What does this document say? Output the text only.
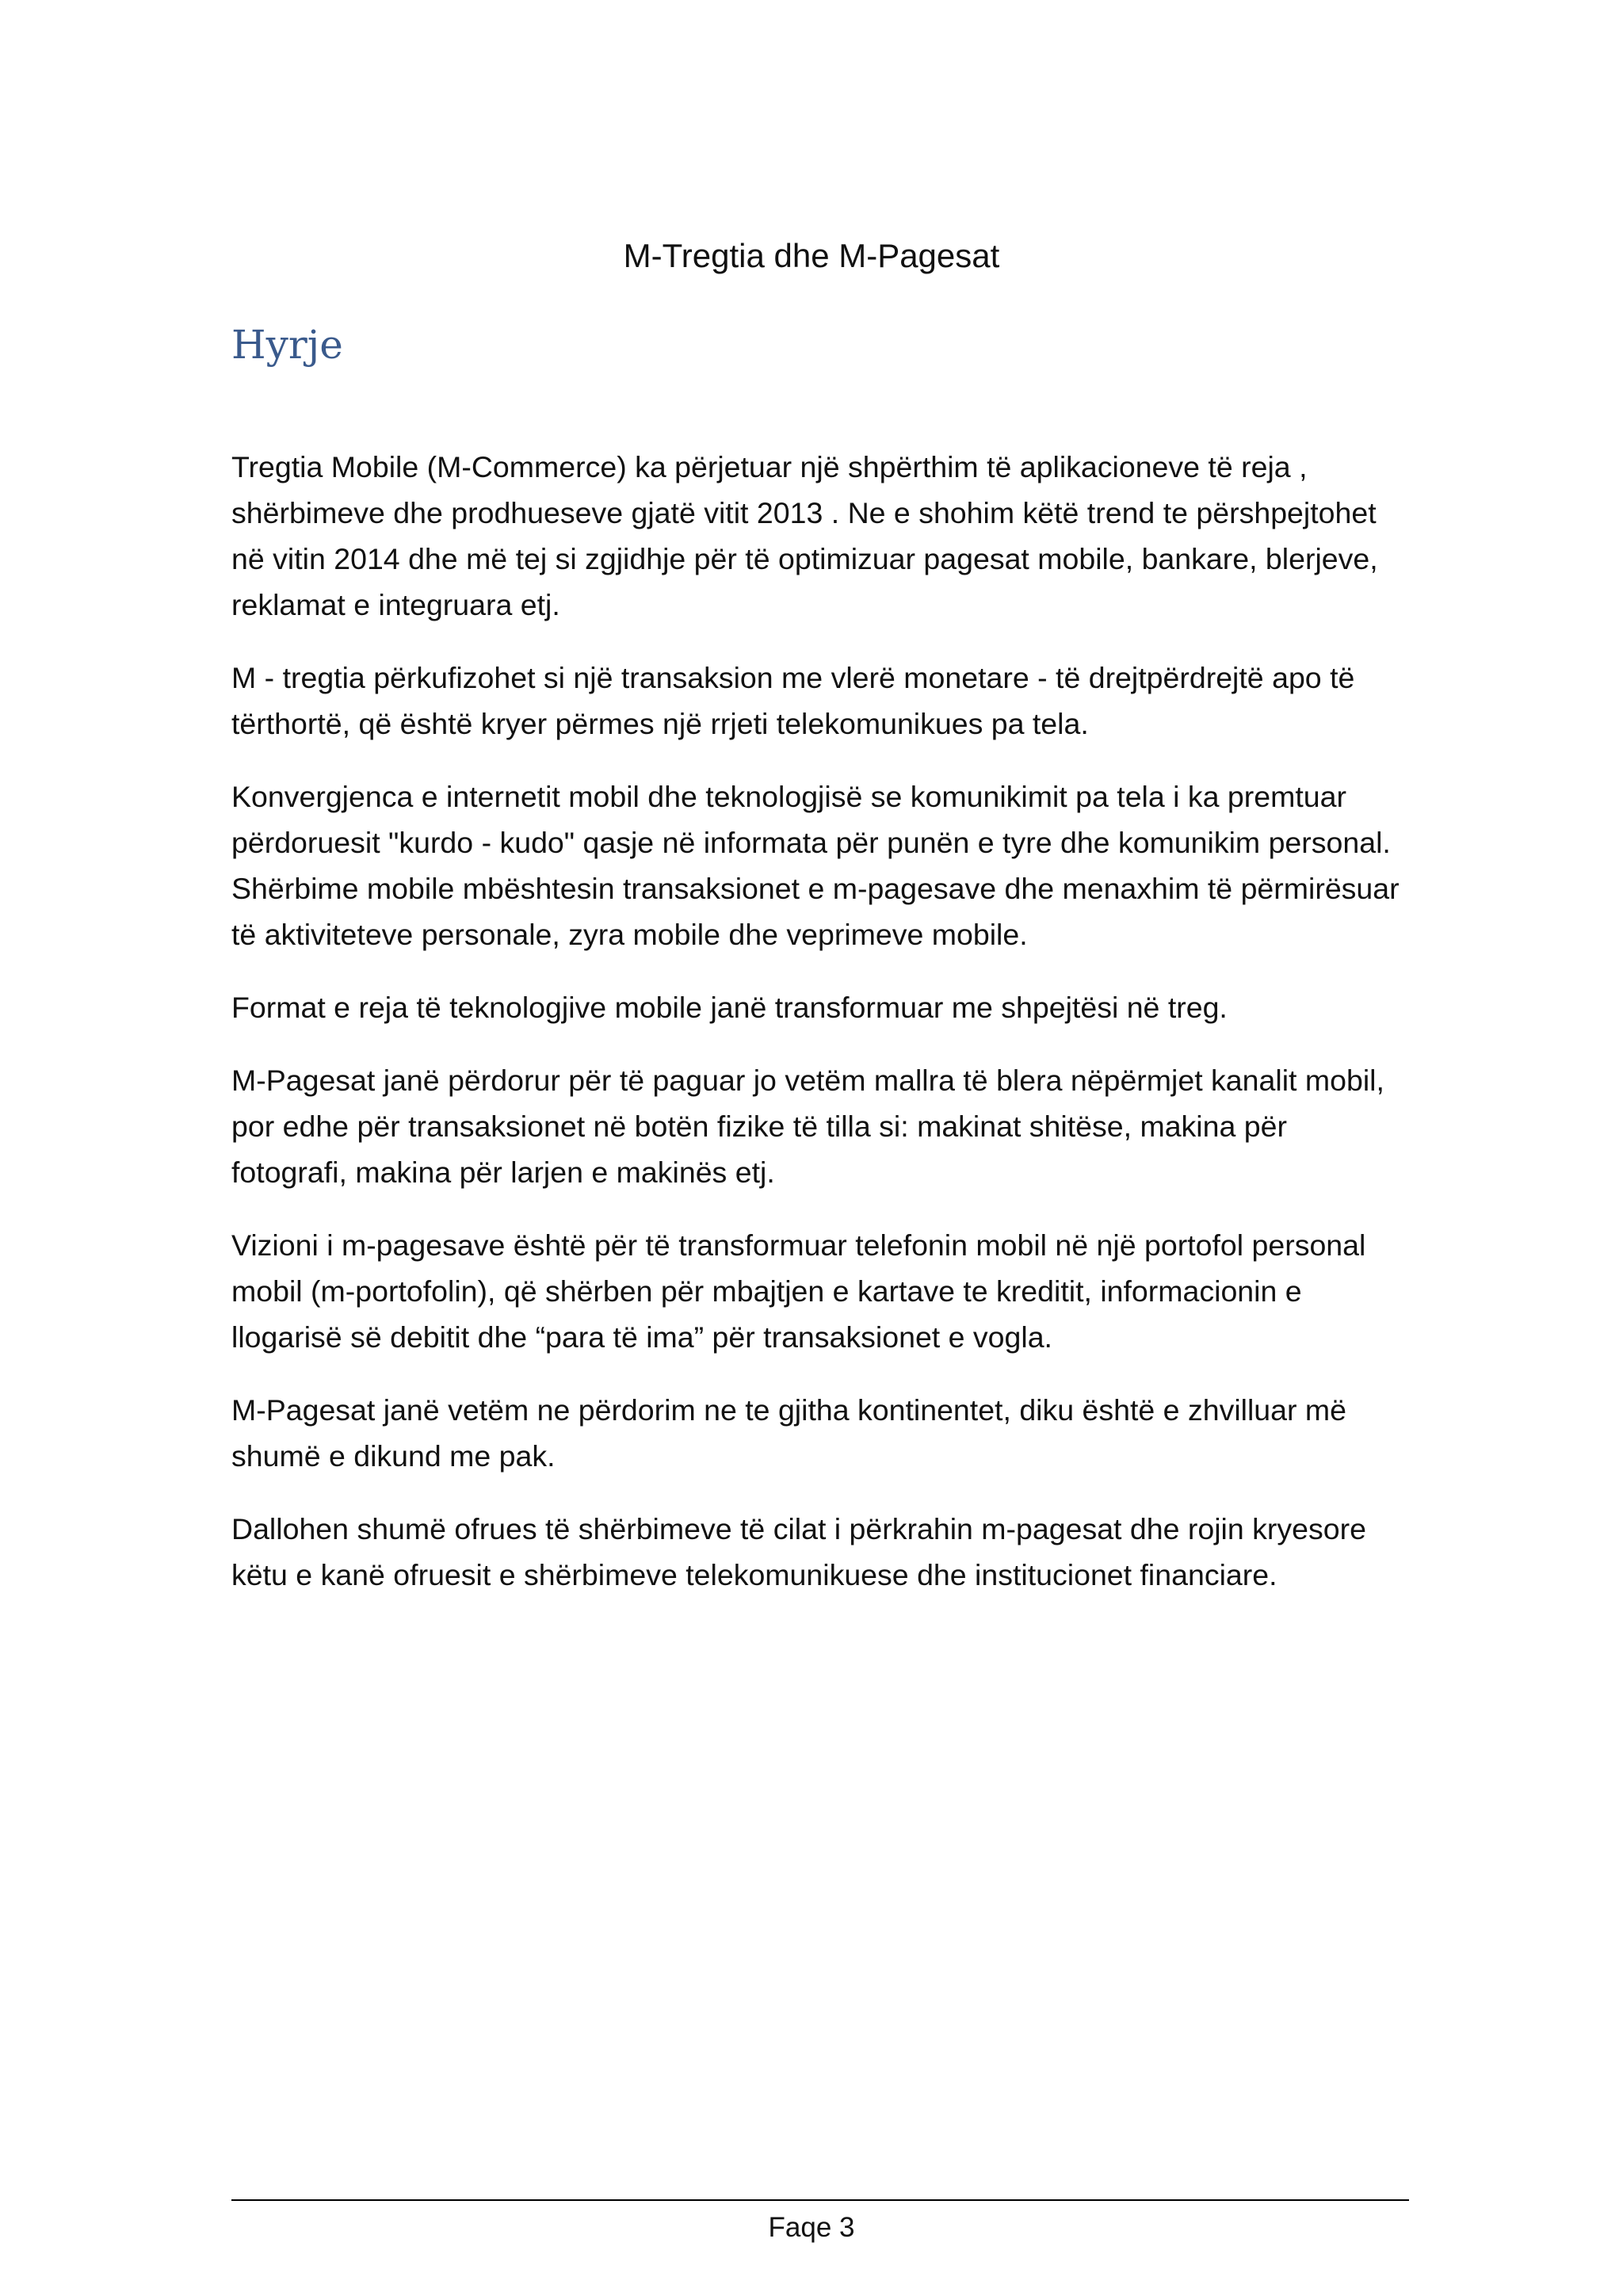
M-Tregtia dhe M-Pagesat
Hyrje

Tregtia Mobile (M-Commerce) ka përjetuar një shpërthim të aplikacioneve të reja , shërbimeve dhe prodhueseve gjatë vitit 2013 . Ne e shohim këtë trend te përshpejtohet në vitin 2014 dhe më tej si zgjidhje për të optimizuar pagesat mobile, bankare, blerjeve, reklamat e integruara etj.

M - tregtia përkufizohet si një transaksion me vlerë monetare - të drejtpërdrejtë apo të tërthortë, që është kryer përmes një rrjeti telekomunikues pa tela.

Konvergjenca e internetit mobil dhe teknologjisë se komunikimit pa tela i ka premtuar përdoruesit "kurdo - kudo" qasje në informata për punën e tyre dhe komunikim personal. Shërbime mobile mbështesin transaksionet e m-pagesave dhe menaxhim të përmirësuar të aktiviteteve personale, zyra mobile dhe veprimeve mobile.

Format e reja të teknologjive mobile janë transformuar me shpejtësi në treg.

M-Pagesat janë përdorur për të paguar jo vetëm mallra të blera nëpërmjet kanalit mobil, por edhe për transaksionet në botën fizike të tilla si: makinat shitëse, makina për fotografi, makina për larjen e makinës etj.

Vizioni i m-pagesave është për të transformuar telefonin mobil në një portofol personal mobil (m-portofolin), që shërben për mbajtjen e kartave te kreditit, informacionin e llogarisë së debitit dhe “para të ima” për transaksionet e vogla.

M-Pagesat janë vetëm ne përdorim ne te gjitha kontinentet, diku është e zhvilluar më shumë e dikund me pak.

Dallohen shumë ofrues të shërbimeve të cilat i përkrahin m-pagesat dhe rojin kryesore këtu e kanë ofruesit e shërbimeve telekomunikuese dhe institucionet financiare.

Faqe 3
